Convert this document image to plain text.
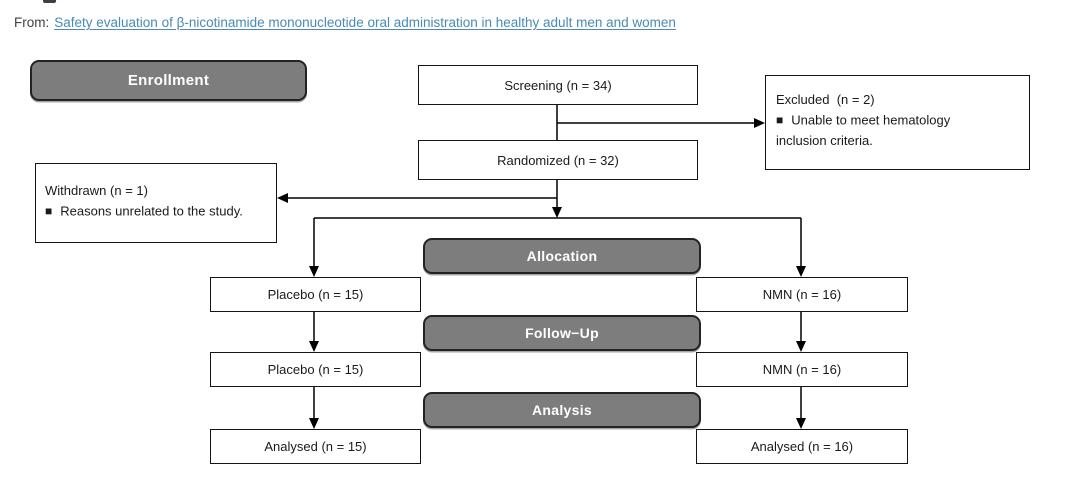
From: Safety evaluation of β-nicotinamide mononucleotide oral administration in healthy adult men and women
Enrollment	Screening (n = 34)
Excluded  (n = 2)
■ Unable to meet hematology inclusion criteria.
Randomized (n = 32)
Withdrawn (n = 1)
■ Reasons unrelated to the study.
Allocation
Placebo (n = 15)	NMN (n = 16)
Follow−Up
Placebo (n = 15)	NMN (n = 16)
Analysis
Analysed (n = 15)	Analysed (n = 16)
